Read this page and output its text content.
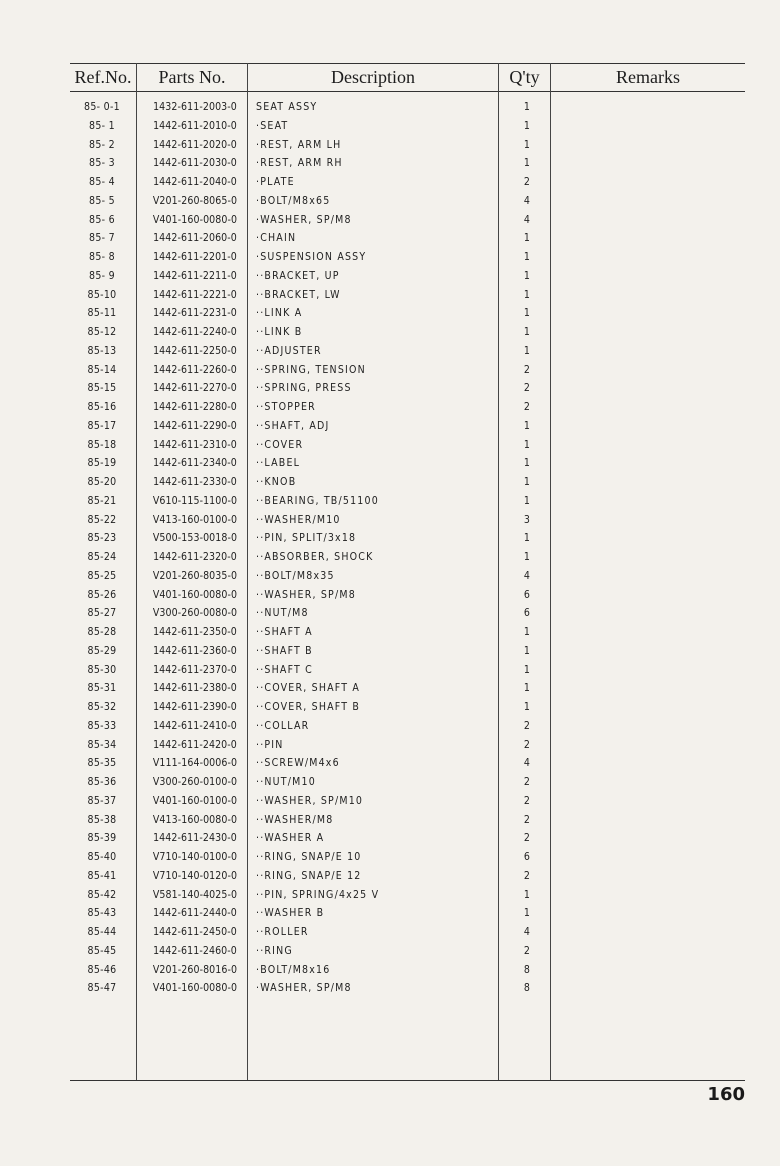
Ref.No.	Parts No.	Description	Q'ty	Remarks
85- 0-1	1432-611-2003-0	SEAT ASSY	1
85- 1	1442-611-2010-0	·SEAT	1
85- 2	1442-611-2020-0	·REST, ARM LH	1
85- 3	1442-611-2030-0	·REST, ARM RH	1
85- 4	1442-611-2040-0	·PLATE	2
85- 5	V201-260-8065-0	·BOLT/M8x65	4
85- 6	V401-160-0080-0	·WASHER, SP/M8	4
85- 7	1442-611-2060-0	·CHAIN	1
85- 8	1442-611-2201-0	·SUSPENSION ASSY	1
85- 9	1442-611-2211-0	··BRACKET, UP	1
85-10	1442-611-2221-0	··BRACKET, LW	1
85-11	1442-611-2231-0	··LINK A	1
85-12	1442-611-2240-0	··LINK B	1
85-13	1442-611-2250-0	··ADJUSTER	1
85-14	1442-611-2260-0	··SPRING, TENSION	2
85-15	1442-611-2270-0	··SPRING, PRESS	2
85-16	1442-611-2280-0	··STOPPER	2
85-17	1442-611-2290-0	··SHAFT, ADJ	1
85-18	1442-611-2310-0	··COVER	1
85-19	1442-611-2340-0	··LABEL	1
85-20	1442-611-2330-0	··KNOB	1
85-21	V610-115-1100-0	··BEARING, TB/51100	1
85-22	V413-160-0100-0	··WASHER/M10	3
85-23	V500-153-0018-0	··PIN, SPLIT/3x18	1
85-24	1442-611-2320-0	··ABSORBER, SHOCK	1
85-25	V201-260-8035-0	··BOLT/M8x35	4
85-26	V401-160-0080-0	··WASHER, SP/M8	6
85-27	V300-260-0080-0	··NUT/M8	6
85-28	1442-611-2350-0	··SHAFT A	1
85-29	1442-611-2360-0	··SHAFT B	1
85-30	1442-611-2370-0	··SHAFT C	1
85-31	1442-611-2380-0	··COVER, SHAFT A	1
85-32	1442-611-2390-0	··COVER, SHAFT B	1
85-33	1442-611-2410-0	··COLLAR	2
85-34	1442-611-2420-0	··PIN	2
85-35	V111-164-0006-0	··SCREW/M4x6	4
85-36	V300-260-0100-0	··NUT/M10	2
85-37	V401-160-0100-0	··WASHER, SP/M10	2
85-38	V413-160-0080-0	··WASHER/M8	2
85-39	1442-611-2430-0	··WASHER A	2
85-40	V710-140-0100-0	··RING, SNAP/E 10	6
85-41	V710-140-0120-0	··RING, SNAP/E 12	2
85-42	V581-140-4025-0	··PIN, SPRING/4x25 V	1
85-43	1442-611-2440-0	··WASHER B	1
85-44	1442-611-2450-0	··ROLLER	4
85-45	1442-611-2460-0	··RING	2
85-46	V201-260-8016-0	·BOLT/M8x16	8
85-47	V401-160-0080-0	·WASHER, SP/M8	8
160
